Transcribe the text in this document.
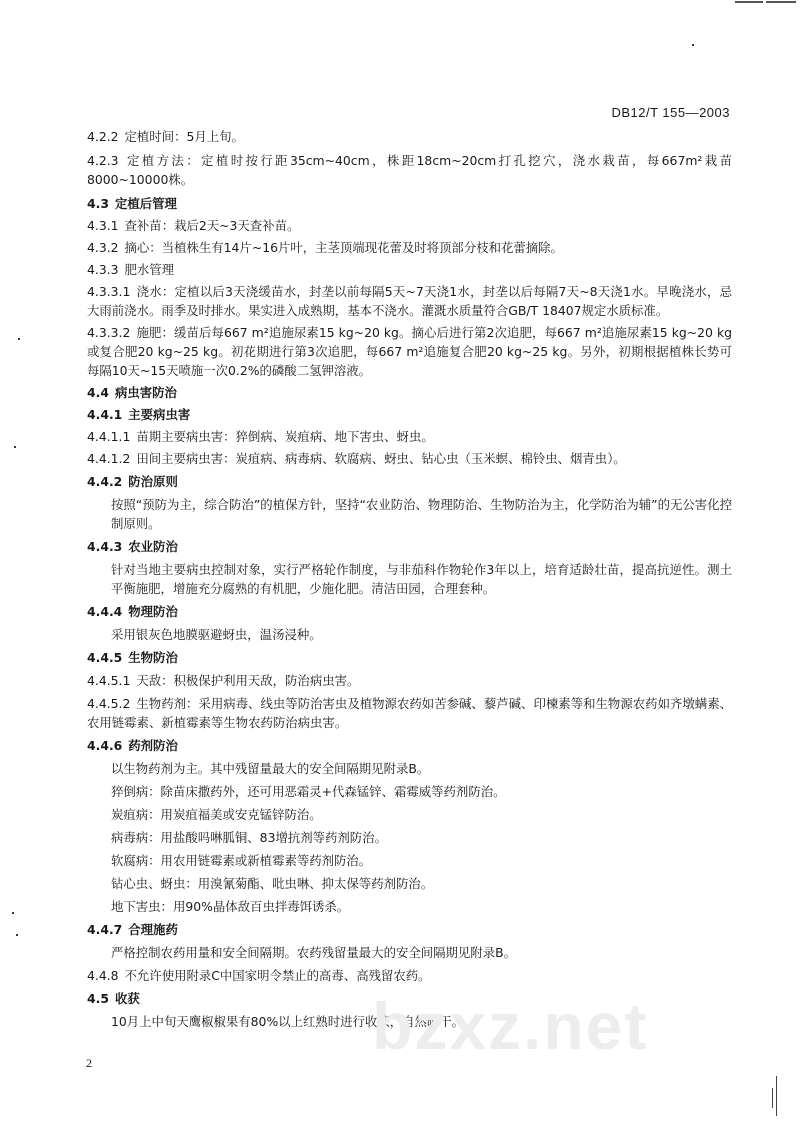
DB12/T 155—2003

4.2.2 定植时间：5月上旬。

4.2.3 定植方法：定植时按行距35cm~40cm，株距18cm~20cm打孔挖穴，浇水栽苗，每667m²栽苗8000~10000株。

4.3 定植后管理

4.3.1 查补苗：栽后2天~3天查补苗。

4.3.2 摘心：当植株生有14片~16片叶，主茎顶端现花蕾及时将顶部分枝和花蕾摘除。

4.3.3 肥水管理

4.3.3.1 浇水：定植以后3天浇缓苗水，封垄以前每隔5天~7天浇1水，封垄以后每隔7天~8天浇1水。早晚浇水，忌大雨前浇水。雨季及时排水。果实进入成熟期，基本不浇水。灌溉水质量符合GB/T 18407规定水质标准。

4.3.3.2 施肥：缓苗后每667 m²追施尿素15 kg~20 kg。摘心后进行第2次追肥，每667 m²追施尿素15 kg~20 kg或复合肥20 kg~25 kg。初花期进行第3次追肥，每667 m²追施复合肥20 kg~25 kg。另外，初期根据植株长势可每隔10天~15天喷施一次0.2%的磷酸二氢钾溶液。

4.4 病虫害防治

4.4.1 主要病虫害

4.4.1.1 苗期主要病虫害：猝倒病、炭疽病、地下害虫、蚜虫。

4.4.1.2 田间主要病虫害：炭疽病、病毒病、软腐病、蚜虫、钻心虫（玉米螟、棉铃虫、烟青虫）。

4.4.2 防治原则

按照“预防为主，综合防治”的植保方针，坚持“农业防治、物理防治、生物防治为主，化学防治为辅”的无公害化控制原则。

4.4.3 农业防治

针对当地主要病虫控制对象，实行严格轮作制度，与非茄科作物轮作3年以上，培育适龄壮苗，提高抗逆性。测土平衡施肥，增施充分腐熟的有机肥，少施化肥。清洁田园，合理套种。

4.4.4 物理防治

采用银灰色地膜驱避蚜虫，温汤浸种。

4.4.5 生物防治

4.4.5.1 天敌：积极保护利用天敌，防治病虫害。

4.4.5.2 生物药剂：采用病毒、线虫等防治害虫及植物源农药如苦参碱、藜芦碱、印楝素等和生物源农药如齐墩螨素、农用链霉素、新植霉素等生物农药防治病虫害。

4.4.6 药剂防治

以生物药剂为主。其中残留量最大的安全间隔期见附录B。

猝倒病：除苗床撒药外，还可用恶霜灵+代森锰锌、霜霉威等药剂防治。

炭疽病：用炭疽福美或安克锰锌防治。

病毒病：用盐酸吗啉胍铜、83增抗剂等药剂防治。

软腐病：用农用链霉素或新植霉素等药剂防治。

钻心虫、蚜虫：用溴氰菊酯、吡虫啉、抑太保等药剂防治。

地下害虫：用90%晶体敌百虫拌毒饵诱杀。

4.4.7 合理施药

严格控制农药用量和安全间隔期。农药残留量最大的安全间隔期见附录B。

4.4.8 不允许使用附录C中国家明令禁止的高毒、高残留农药。

4.5 收获

10月上中旬天鹰椒椒果有80%以上红熟时进行收获，自然晾干。

bzxz.net
2
